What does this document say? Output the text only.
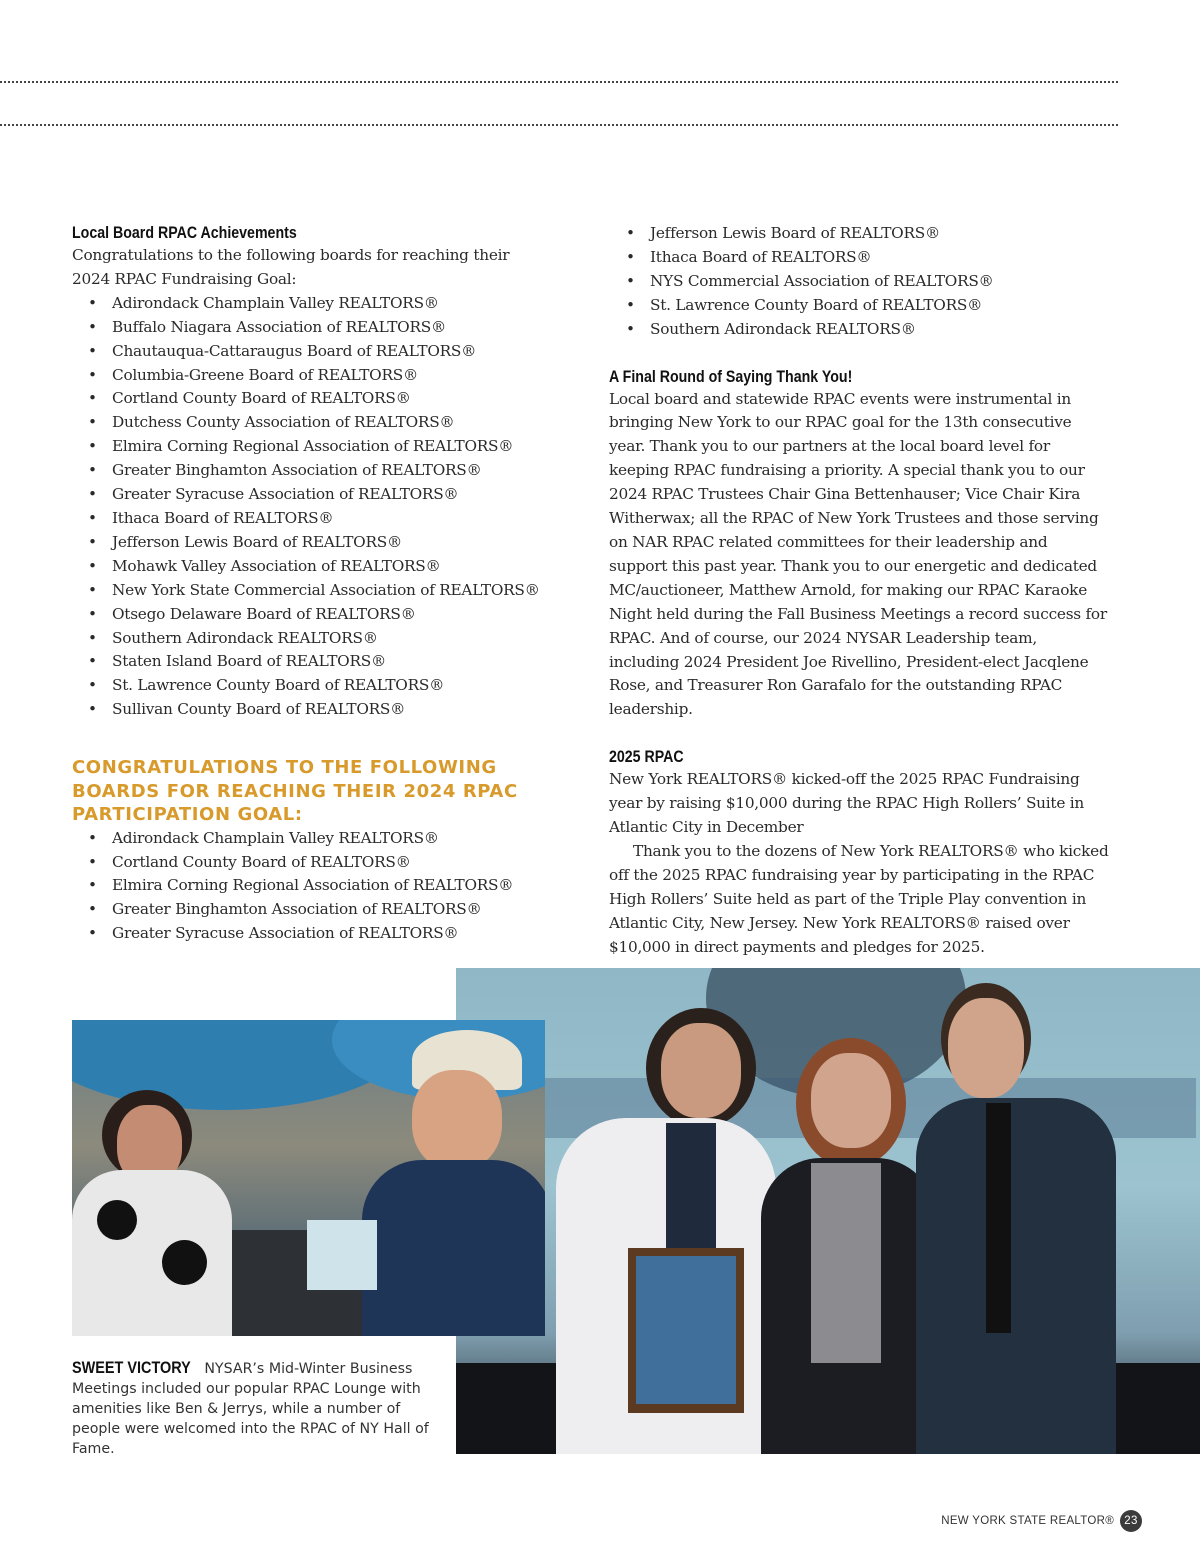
Local Board RPAC Achievements

Congratulations to the following boards for reaching their 2024 RPAC Fundraising Goal:

• Adirondack Champlain Valley REALTORS®
• Buffalo Niagara Association of REALTORS®
• Chautauqua-Cattaraugus Board of REALTORS®
• Columbia-Greene Board of REALTORS®
• Cortland County Board of REALTORS®
• Dutchess County Association of REALTORS®
• Elmira Corning Regional Association of REALTORS®
• Greater Binghamton Association of REALTORS®
• Greater Syracuse Association of REALTORS®
• Ithaca Board of REALTORS®
• Jefferson Lewis Board of REALTORS®
• Mohawk Valley Association of REALTORS®
• New York State Commercial Association of REALTORS®
• Otsego Delaware Board of REALTORS®
• Southern Adirondack REALTORS®
• Staten Island Board of REALTORS®
• St. Lawrence County Board of REALTORS®
• Sullivan County Board of REALTORS®
CONGRATULATIONS TO THE FOLLOWING BOARDS FOR REACHING THEIR 2024 RPAC PARTICIPATION GOAL:
• Adirondack Champlain Valley REALTORS®
• Cortland County Board of REALTORS®
• Elmira Corning Regional Association of REALTORS®
• Greater Binghamton Association of REALTORS®
• Greater Syracuse Association of REALTORS®
• Jefferson Lewis Board of REALTORS®
• Ithaca Board of REALTORS®
• NYS Commercial Association of REALTORS®
• St. Lawrence County Board of REALTORS®
• Southern Adirondack REALTORS®
A Final Round of Saying Thank You!

Local board and statewide RPAC events were instrumental in bringing New York to our RPAC goal for the 13th consecutive year. Thank you to our partners at the local board level for keeping RPAC fundraising a priority. A special thank you to our 2024 RPAC Trustees Chair Gina Bettenhauser; Vice Chair Kira Witherwax; all the RPAC of New York Trustees and those serving on NAR RPAC related committees for their leadership and support this past year. Thank you to our energetic and dedicated MC/auctioneer, Matthew Arnold, for making our RPAC Karaoke Night held during the Fall Business Meetings a record success for RPAC. And of course, our 2024 NYSAR Leadership team, including 2024 President Joe Rivellino, President-elect Jacqlene Rose, and Treasurer Ron Garafalo for the outstanding RPAC leadership.

2025 RPAC

New York REALTORS® kicked-off the 2025 RPAC Fundraising year by raising $10,000 during the RPAC High Rollers’ Suite in Atlantic City in December

Thank you to the dozens of New York REALTORS® who kicked off the 2025 RPAC fundraising year by participating in the RPAC High Rollers’ Suite held as part of the Triple Play convention in Atlantic City, New Jersey. New York REALTORS® raised over $10,000 in direct payments and pledges for 2025.

SWEET VICTORY NYSAR’s Mid-Winter Business Meetings included our popular RPAC Lounge with amenities like Ben & Jerrys, while a number of people were welcomed into the RPAC of NY Hall of Fame.
NEW YORK STATE REALTOR® 23
